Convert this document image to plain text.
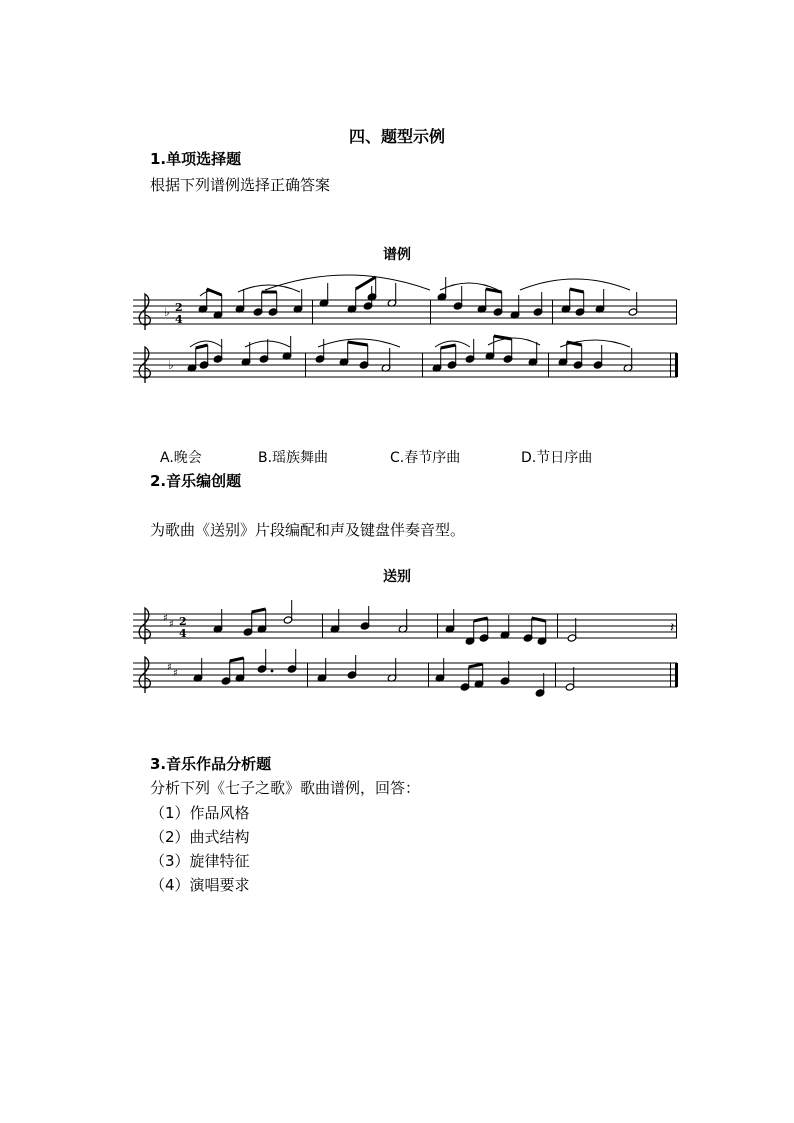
四、题型示例
1.单项选择题
根据下列谱例选择正确答案
谱例
A.晚会	B.瑶族舞曲	C.春节序曲	D.节日序曲
2.音乐编创题
为歌曲《送别》片段编配和声及键盘伴奏音型。
送别
3.音乐作品分析题
分析下列《七子之歌》歌曲谱例，回答：
（1）作品风格
（2）曲式结构
（3）旋律特征
（4）演唱要求
♭ 2
4
♭
♯
♯ 2
4	𝄽
♯
♯
